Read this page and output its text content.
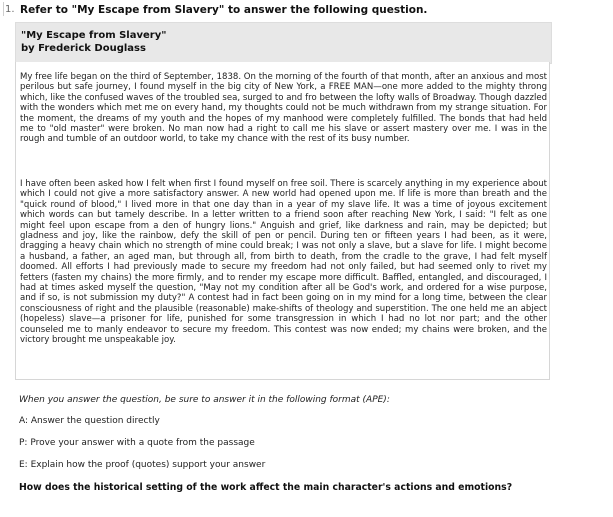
1. Refer to "My Escape from Slavery" to answer the following question.
"My Escape from Slavery"
by Frederick Douglass

My free life began on the third of September, 1838. On the morning of the fourth of that month, after an anxious and most perilous but safe journey, I found myself in the big city of New York, a FREE MAN—one more added to the mighty throng which, like the confused waves of the troubled sea, surged to and fro between the lofty walls of Broadway. Though dazzled with the wonders which met me on every hand, my thoughts could not be much withdrawn from my strange situation. For the moment, the dreams of my youth and the hopes of my manhood were completely fulfilled. The bonds that had held me to "old master" were broken. No man now had a right to call me his slave or assert mastery over me. I was in the rough and tumble of an outdoor world, to take my chance with the rest of its busy number.

I have often been asked how I felt when first I found myself on free soil. There is scarcely anything in my experience about which I could not give a more satisfactory answer. A new world had opened upon me. If life is more than breath and the "quick round of blood," I lived more in that one day than in a year of my slave life. It was a time of joyous excitement which words can but tamely describe. In a letter written to a friend soon after reaching New York, I said: "I felt as one might feel upon escape from a den of hungry lions." Anguish and grief, like darkness and rain, may be depicted; but gladness and joy, like the rainbow, defy the skill of pen or pencil. During ten or fifteen years I had been, as it were, dragging a heavy chain which no strength of mine could break; I was not only a slave, but a slave for life. I might become a husband, a father, an aged man, but through all, from birth to death, from the cradle to the grave, I had felt myself doomed. All efforts I had previously made to secure my freedom had not only failed, but had seemed only to rivet my fetters (fasten my chains) the more firmly, and to render my escape more difficult. Baffled, entangled, and discouraged, I had at times asked myself the question, "May not my condition after all be God's work, and ordered for a wise purpose, and if so, is not submission my duty?" A contest had in fact been going on in my mind for a long time, between the clear consciousness of right and the plausible (reasonable) make-shifts of theology and superstition. The one held me an abject (hopeless) slave—a prisoner for life, punished for some transgression in which I had no lot nor part; and the other counseled me to manly endeavor to secure my freedom. This contest was now ended; my chains were broken, and the victory brought me unspeakable joy.

When you answer the question, be sure to answer it in the following format (APE):
A: Answer the question directly
P: Prove your answer with a quote from the passage
E: Explain how the proof (quotes) support your answer
How does the historical setting of the work affect the main character's actions and emotions?
